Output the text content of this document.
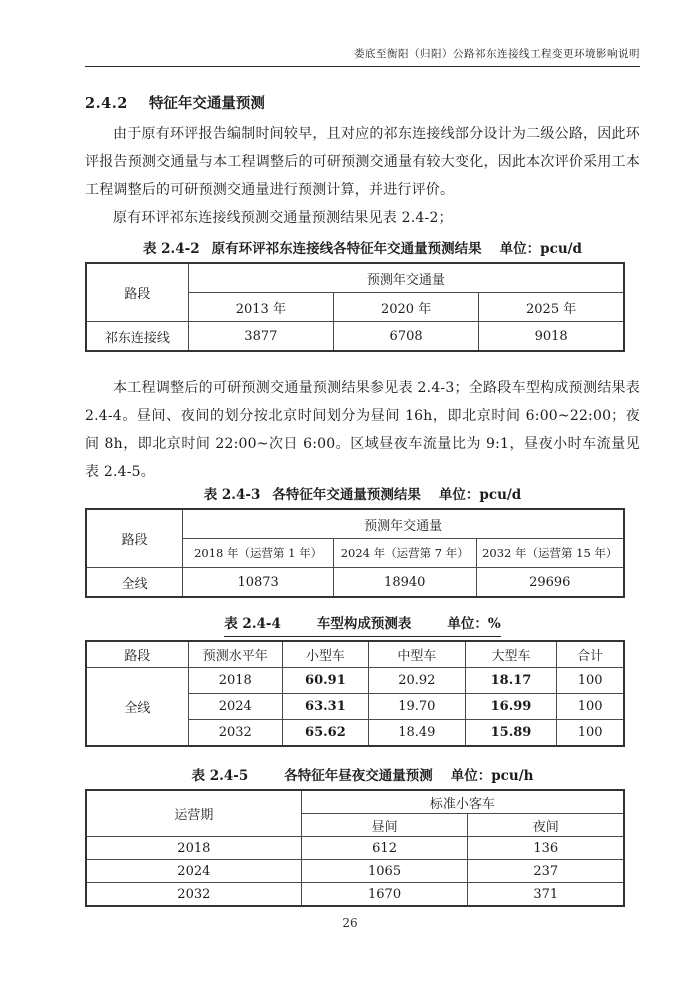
娄底至衡阳（归阳）公路祁东连接线工程变更环境影响说明
2.4.2 特征年交通量预测

由于原有环评报告编制时间较早，且对应的祁东连接线部分设计为二级公路，因此环评报告预测交通量与本工程调整后的可研预测交通量有较大变化，因此本次评价采用工本工程调整后的可研预测交通量进行预测计算，并进行评价。

原有环评祁东连接线预测交通量预测结果见表 2.4-2；

表 2.4-2 原有环评祁东连接线各特征年交通量预测结果 单位：pcu/d
路段	预测年交通量		
	2013 年	2020 年	2025 年
祁东连接线	3877	6708	9018

本工程调整后的可研预测交通量预测结果参见表 2.4-3；全路段车型构成预测结果表 2.4-4。昼间、夜间的划分按北京时间划分为昼间 16h，即北京时间 6:00~22:00；夜间 8h，即北京时间 22:00~次日 6:00。区域昼夜车流量比为 9:1，昼夜小时车流量见表 2.4-5。

表 2.4-3 各特征年交通量预测结果 单位：pcu/d
路段	预测年交通量		
	2018 年（运营第 1 年）	2024 年（运营第 7 年）	2032 年（运营第 15 年）
全线	10873	18940	29696
表 2.4-4	车型构成预测表	单位：%
路段	预测水平年	小型车	中型车	大型车	合计
全线	2018	60.91	20.92	18.17	100
	2024	63.31	19.70	16.99	100
	2032	65.62	18.49	15.89	100
表 2.4-5	各特征年昼夜交通量预测 单位：pcu/h
运营期	标准小客车	
	昼间	夜间
2018	612	136
2024	1065	237
2032	1670	371
26
